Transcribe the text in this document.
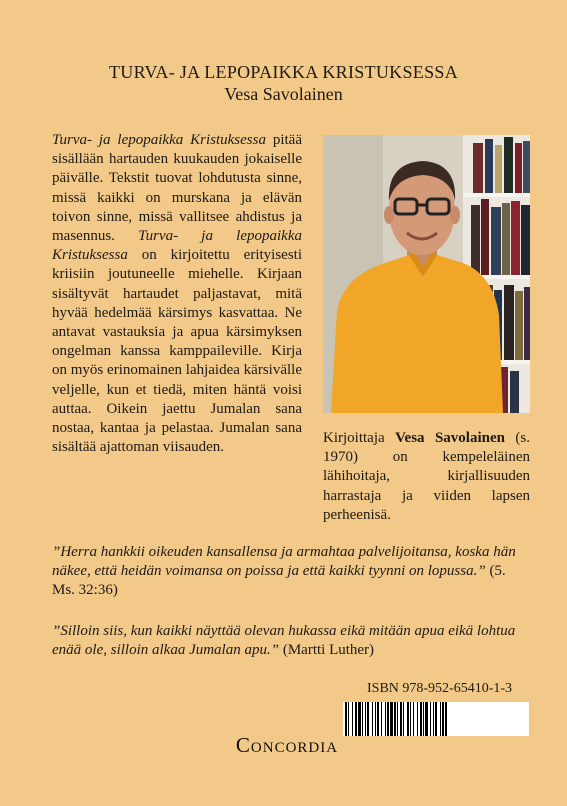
TURVA- JA LEPOPAIKKA KRISTUKSESSA
Vesa Savolainen
Turva- ja lepopaikka Kristuksessa pitää sisällään hartauden kuukauden jokaiselle päivälle. Tekstit tuovat lohdutusta sinne, missä kaikki on murskana ja elävän toivon sinne, missä vallitsee ahdistus ja masennus. Turva- ja lepopaikka Kristuksessa on kirjoitettu erityisesti kriisiin joutuneelle miehelle. Kirjaan sisältyvät hartaudet paljastavat, mitä hyvää hedelmää kärsimys kasvattaa. Ne antavat vastauksia ja apua kärsimyksen ongelman kanssa kamppaileville. Kirja on myös erinomainen lahjaidea kärsivälle veljelle, kun et tiedä, miten häntä voisi auttaa. Oikein jaettu Jumalan sana nostaa, kantaa ja pelastaa. Jumalan sana sisältää ajattoman viisauden.
Kirjoittaja Vesa Savolainen (s. 1970) on kempeleläinen lähihoitaja, kirjallisuuden harrastaja ja viiden lapsen perheenisä.
”Herra hankkii oikeuden kansallensa ja armahtaa palvelijoitansa, koska hän näkee, että heidän voimansa on poissa ja että kaikki tyynni on lopussa.” (5. Ms. 32:36)
”Silloin siis, kun kaikki näyttää olevan hukassa eikä mitään apua eikä lohtua enää ole, silloin alkaa Jumalan apu.” (Martti Luther)
ISBN 978-952-65410-1-3
Concordia
